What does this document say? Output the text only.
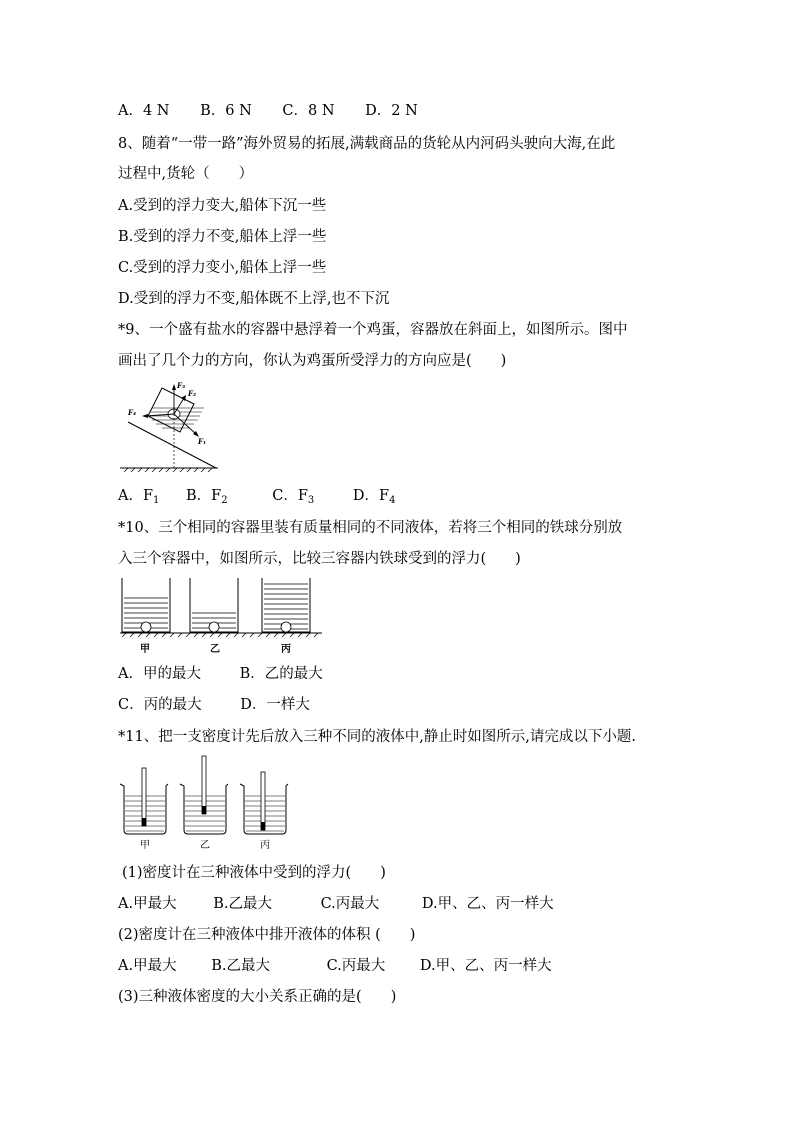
A．4 N B．6 N C．8 N D．2 N
8、随着“一带一路”海外贸易的拓展,满载商品的货轮从内河码头驶向大海,在此
过程中,货轮（　　）
A.受到的浮力变大,船体下沉一些
B.受到的浮力不变,船体上浮一些
C.受到的浮力变小,船体上浮一些
D.受到的浮力不变,船体既不上浮,也不下沉
*9、一个盛有盐水的容器中悬浮着一个鸡蛋，容器放在斜面上，如图所示。图中
画出了几个力的方向，你认为鸡蛋所受浮力的方向应是(　　)
F₃
F₂
F₄
F₁
A．$F_1$ B．$F_2$	C．$F_3$	D．$F_4$
*10、三个相同的容器里装有质量相同的不同液体，若将三个相同的铁球分别放
入三个容器中，如图所示，比较三容器内铁球受到的浮力(　　)
甲	乙	丙
A．甲的最大	B．乙的最大
C．丙的最大	D．一样大
*11、把一支密度计先后放入三种不同的液体中,静止时如图所示,请完成以下小题.
甲	乙	丙
(1)密度计在三种液体中受到的浮力(　　)
A.甲最大	B.乙最大	C.丙最大	D.甲、乙、丙一样大
(2)密度计在三种液体中排开液体的体积 (　　)
A.甲最大 B.乙最大	C.丙最大 D.甲、乙、丙一样大
(3)三种液体密度的大小关系正确的是(　　)
